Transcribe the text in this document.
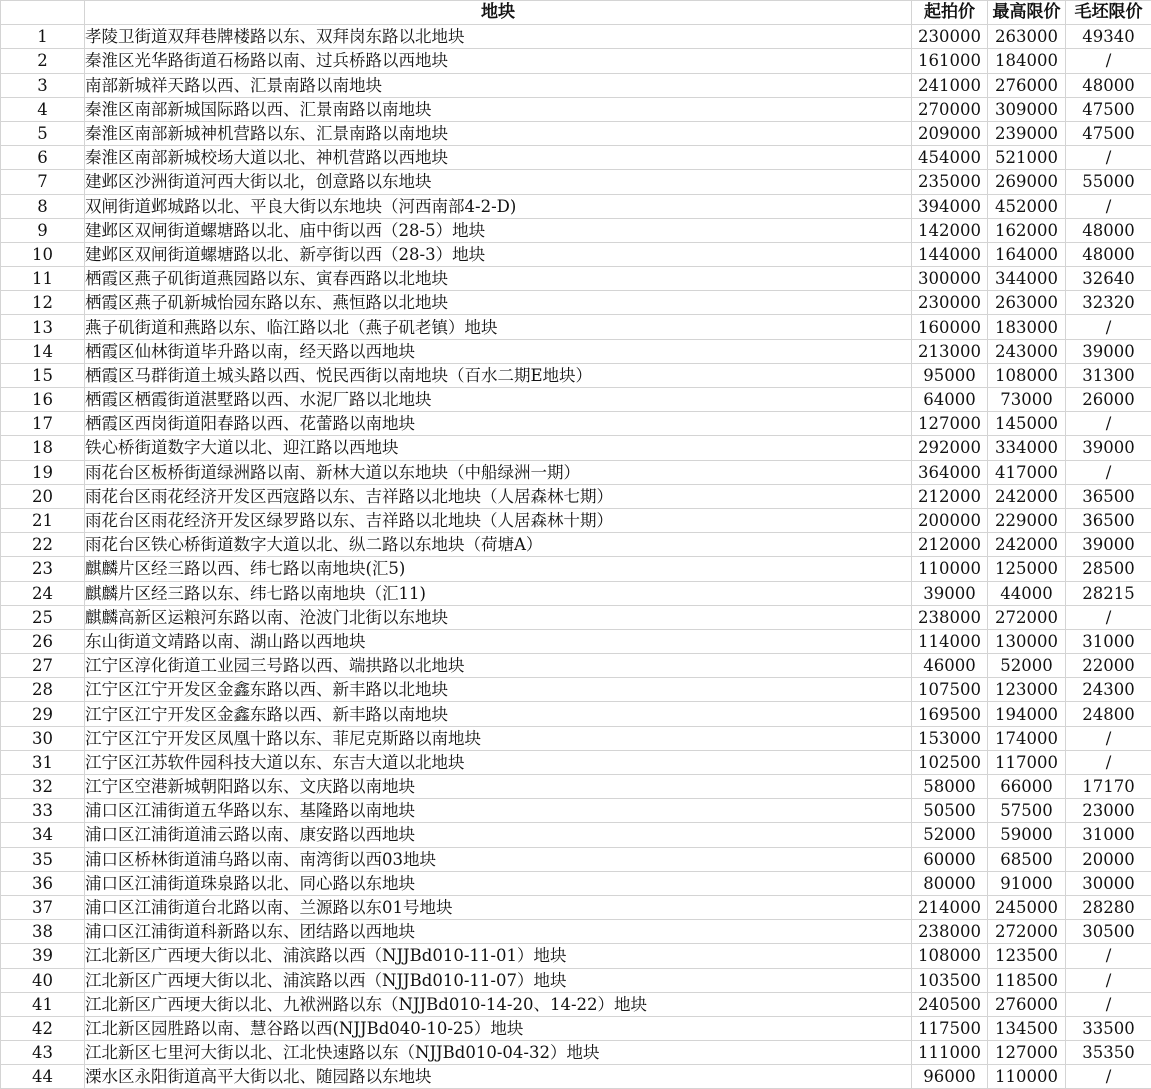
	地块	起拍价	最高限价	毛坯限价
1	孝陵卫街道双拜巷牌楼路以东、双拜岗东路以北地块	230000	263000	49340
2	秦淮区光华路街道石杨路以南、过兵桥路以西地块	161000	184000	/
3	南部新城祥天路以西、汇景南路以南地块	241000	276000	48000
4	秦淮区南部新城国际路以西、汇景南路以南地块	270000	309000	47500
5	秦淮区南部新城神机营路以东、汇景南路以南地块	209000	239000	47500
6	秦淮区南部新城校场大道以北、神机营路以西地块	454000	521000	/
7	建邺区沙洲街道河西大街以北，创意路以东地块	235000	269000	55000
8	双闸街道邺城路以北、平良大街以东地块（河西南部4-2-D)	394000	452000	/
9	建邺区双闸街道螺塘路以北、庙中街以西（28-5）地块	142000	162000	48000
10	建邺区双闸街道螺塘路以北、新亭街以西（28-3）地块	144000	164000	48000
11	栖霞区燕子矶街道燕园路以东、寅春西路以北地块	300000	344000	32640
12	栖霞区燕子矶新城怡园东路以东、燕恒路以北地块	230000	263000	32320
13	燕子矶街道和燕路以东、临江路以北（燕子矶老镇）地块	160000	183000	/
14	栖霞区仙林街道毕升路以南，经天路以西地块	213000	243000	39000
15	栖霞区马群街道土城头路以西、悦民西街以南地块（百水二期E地块）	95000	108000	31300
16	栖霞区栖霞街道湛墅路以西、水泥厂路以北地块	64000	73000	26000
17	栖霞区西岗街道阳春路以西、花蕾路以南地块	127000	145000	/
18	铁心桥街道数字大道以北、迎江路以西地块	292000	334000	39000
19	雨花台区板桥街道绿洲路以南、新林大道以东地块（中船绿洲一期）	364000	417000	/
20	雨花台区雨花经济开发区西寇路以东、吉祥路以北地块（人居森林七期）	212000	242000	36500
21	雨花台区雨花经济开发区绿罗路以东、吉祥路以北地块（人居森林十期）	200000	229000	36500
22	雨花台区铁心桥街道数字大道以北、纵二路以东地块（荷塘A）	212000	242000	39000
23	麒麟片区经三路以西、纬七路以南地块(汇5)	110000	125000	28500
24	麒麟片区经三路以东、纬七路以南地块（汇11)	39000	44000	28215
25	麒麟高新区运粮河东路以南、沧波门北街以东地块	238000	272000	/
26	东山街道文靖路以南、湖山路以西地块	114000	130000	31000
27	江宁区淳化街道工业园三号路以西、端拱路以北地块	46000	52000	22000
28	江宁区江宁开发区金鑫东路以西、新丰路以北地块	107500	123000	24300
29	江宁区江宁开发区金鑫东路以西、新丰路以南地块	169500	194000	24800
30	江宁区江宁开发区凤凰十路以东、菲尼克斯路以南地块	153000	174000	/
31	江宁区江苏软件园科技大道以东、东吉大道以北地块	102500	117000	/
32	江宁区空港新城朝阳路以东、文庆路以南地块	58000	66000	17170
33	浦口区江浦街道五华路以东、基隆路以南地块	50500	57500	23000
34	浦口区江浦街道浦云路以南、康安路以西地块	52000	59000	31000
35	浦口区桥林街道浦乌路以南、南湾街以西03地块	60000	68500	20000
36	浦口区江浦街道珠泉路以北、同心路以东地块	80000	91000	30000
37	浦口区江浦街道台北路以南、兰源路以东01号地块	214000	245000	28280
38	浦口区江浦街道科新路以东、团结路以西地块	238000	272000	30500
39	江北新区广西埂大街以北、浦滨路以西（NJJBd010-11-01）地块	108000	123500	/
40	江北新区广西埂大街以北、浦滨路以西（NJJBd010-11-07）地块	103500	118500	/
41	江北新区广西埂大街以北、九袱洲路以东（NJJBd010-14-20、14-22）地块	240500	276000	/
42	江北新区园胜路以南、慧谷路以西(NJJBd040-10-25）地块	117500	134500	33500
43	江北新区七里河大街以北、江北快速路以东（NJJBd010-04-32）地块	111000	127000	35350
44	溧水区永阳街道高平大街以北、随园路以东地块	96000	110000	/
